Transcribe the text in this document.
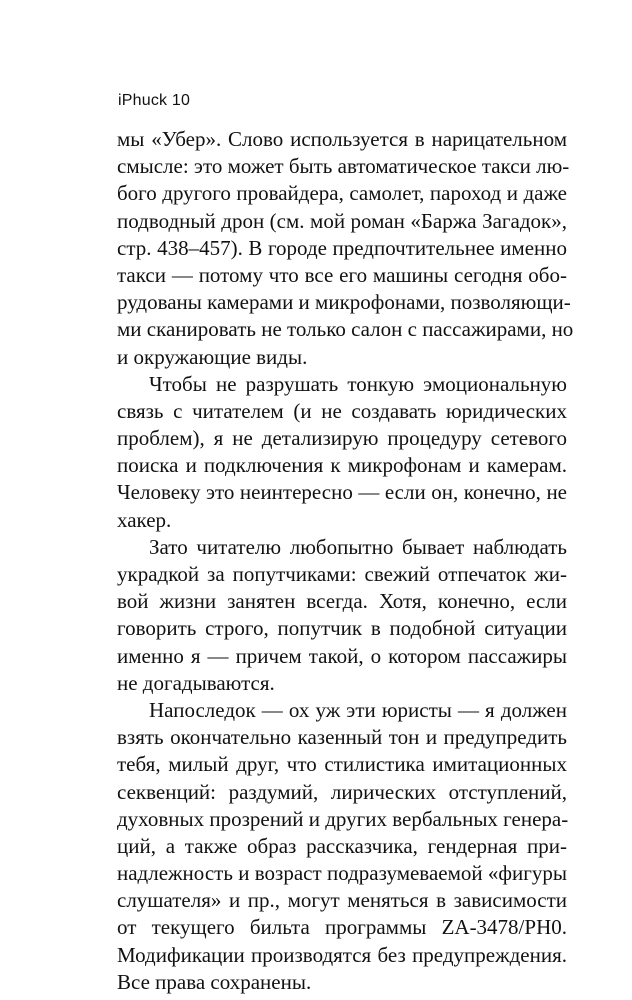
iPhuck 10
мы «Убер». Слово используется в нарицательном
смысле: это может быть автоматическое такси лю-
бого другого провайдера, самолет, пароход и даже
подводный дрон (см. мой роман «Баржа Загадок»,
стр. 438–457). В городе предпочтительнее именно
такси — потому что все его машины сегодня обо-
рудованы камерами и микрофонами, позволяющи-
ми сканировать не только салон с пассажирами, но
и окружающие виды.
Чтобы не разрушать тонкую эмоциональную
связь с читателем (и не создавать юридических
проблем), я не детализирую процедуру сетевого
поиска и подключения к микрофонам и камерам.
Человеку это неинтересно — если он, конечно, не
хакер.
Зато читателю любопытно бывает наблюдать
украдкой за попутчиками: свежий отпечаток жи-
вой жизни занятен всегда. Хотя, конечно, если
говорить строго, попутчик в подобной ситуации
именно я — причем такой, о котором пассажиры
не догадываются.
Напоследок — ох уж эти юристы — я должен
взять окончательно казенный тон и предупредить
тебя, милый друг, что стилистика имитационных
секвенций: раздумий, лирических отступлений,
духовных прозрений и других вербальных генера-
ций, а также образ рассказчика, гендерная при-
надлежность и возраст подразумеваемой «фигуры
слушателя» и пр., могут меняться в зависимости
от текущего бильта программы ZA-3478/PH0.
Модификации производятся без предупреждения.
Все права сохранены.
